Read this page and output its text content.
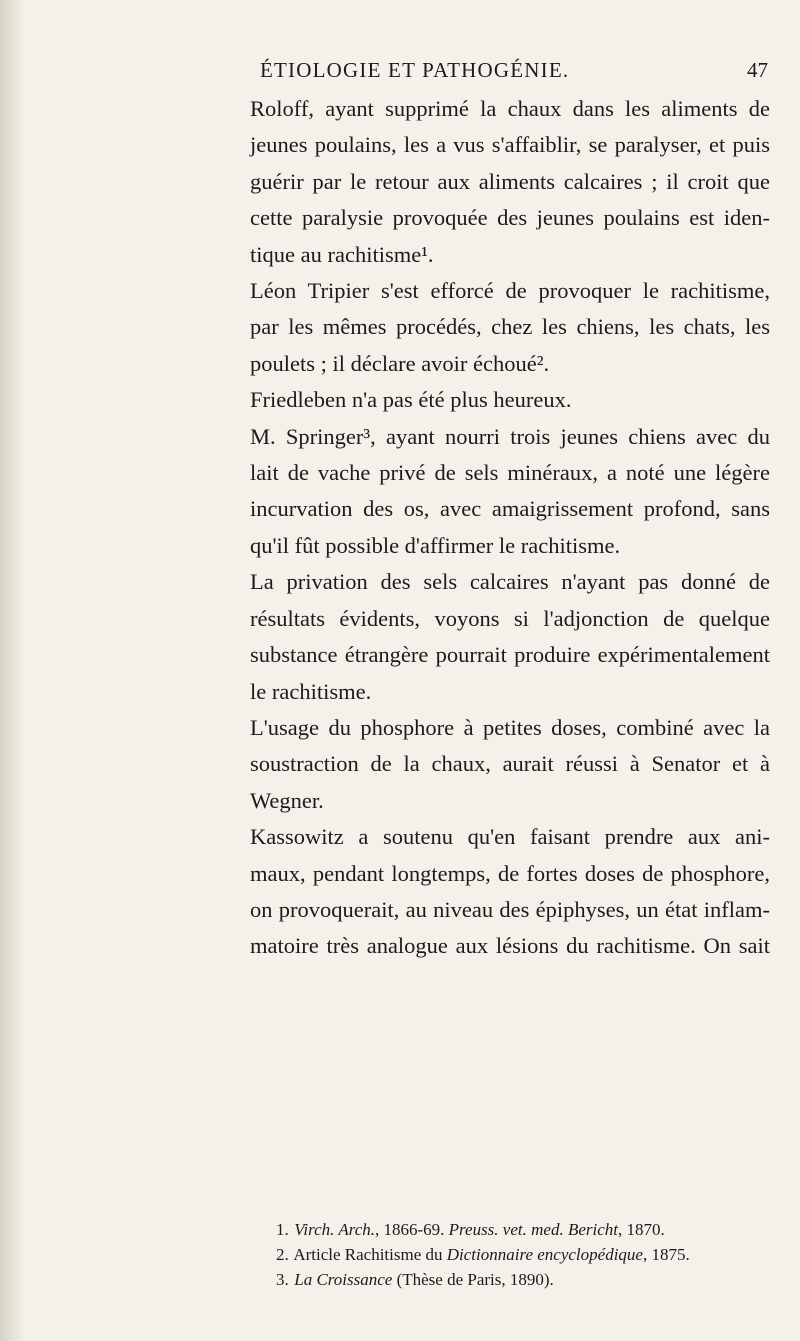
ÉTIOLOGIE ET PATHOGÉNIE.	47
Roloff, ayant supprimé la chaux dans les aliments de
jeunes poulains, les a vus s'affaiblir, se paralyser, et puis
guérir par le retour aux aliments calcaires ; il croit que
cette paralysie provoquée des jeunes poulains est iden-
tique au rachitisme¹.
Léon Tripier s'est efforcé de provoquer le rachitisme,
par les mêmes procédés, chez les chiens, les chats, les
poulets ; il déclare avoir échoué².
Friedleben n'a pas été plus heureux.
M. Springer³, ayant nourri trois jeunes chiens avec du
lait de vache privé de sels minéraux, a noté une légère
incurvation des os, avec amaigrissement profond, sans
qu'il fût possible d'affirmer le rachitisme.
La privation des sels calcaires n'ayant pas donné de
résultats évidents, voyons si l'adjonction de quelque
substance étrangère pourrait produire expérimentalement
le rachitisme.
L'usage du phosphore à petites doses, combiné avec la
soustraction de la chaux, aurait réussi à Senator et à
Wegner.
Kassowitz a soutenu qu'en faisant prendre aux ani-
maux, pendant longtemps, de fortes doses de phosphore,
on provoquerait, au niveau des épiphyses, un état inflam-
matoire très analogue aux lésions du rachitisme. On sait
1. Virch. Arch., 1866-69. Preuss. vet. med. Bericht, 1870.
2. Article Rachitisme du Dictionnaire encyclopédique, 1875.
3. La Croissance (Thèse de Paris, 1890).
